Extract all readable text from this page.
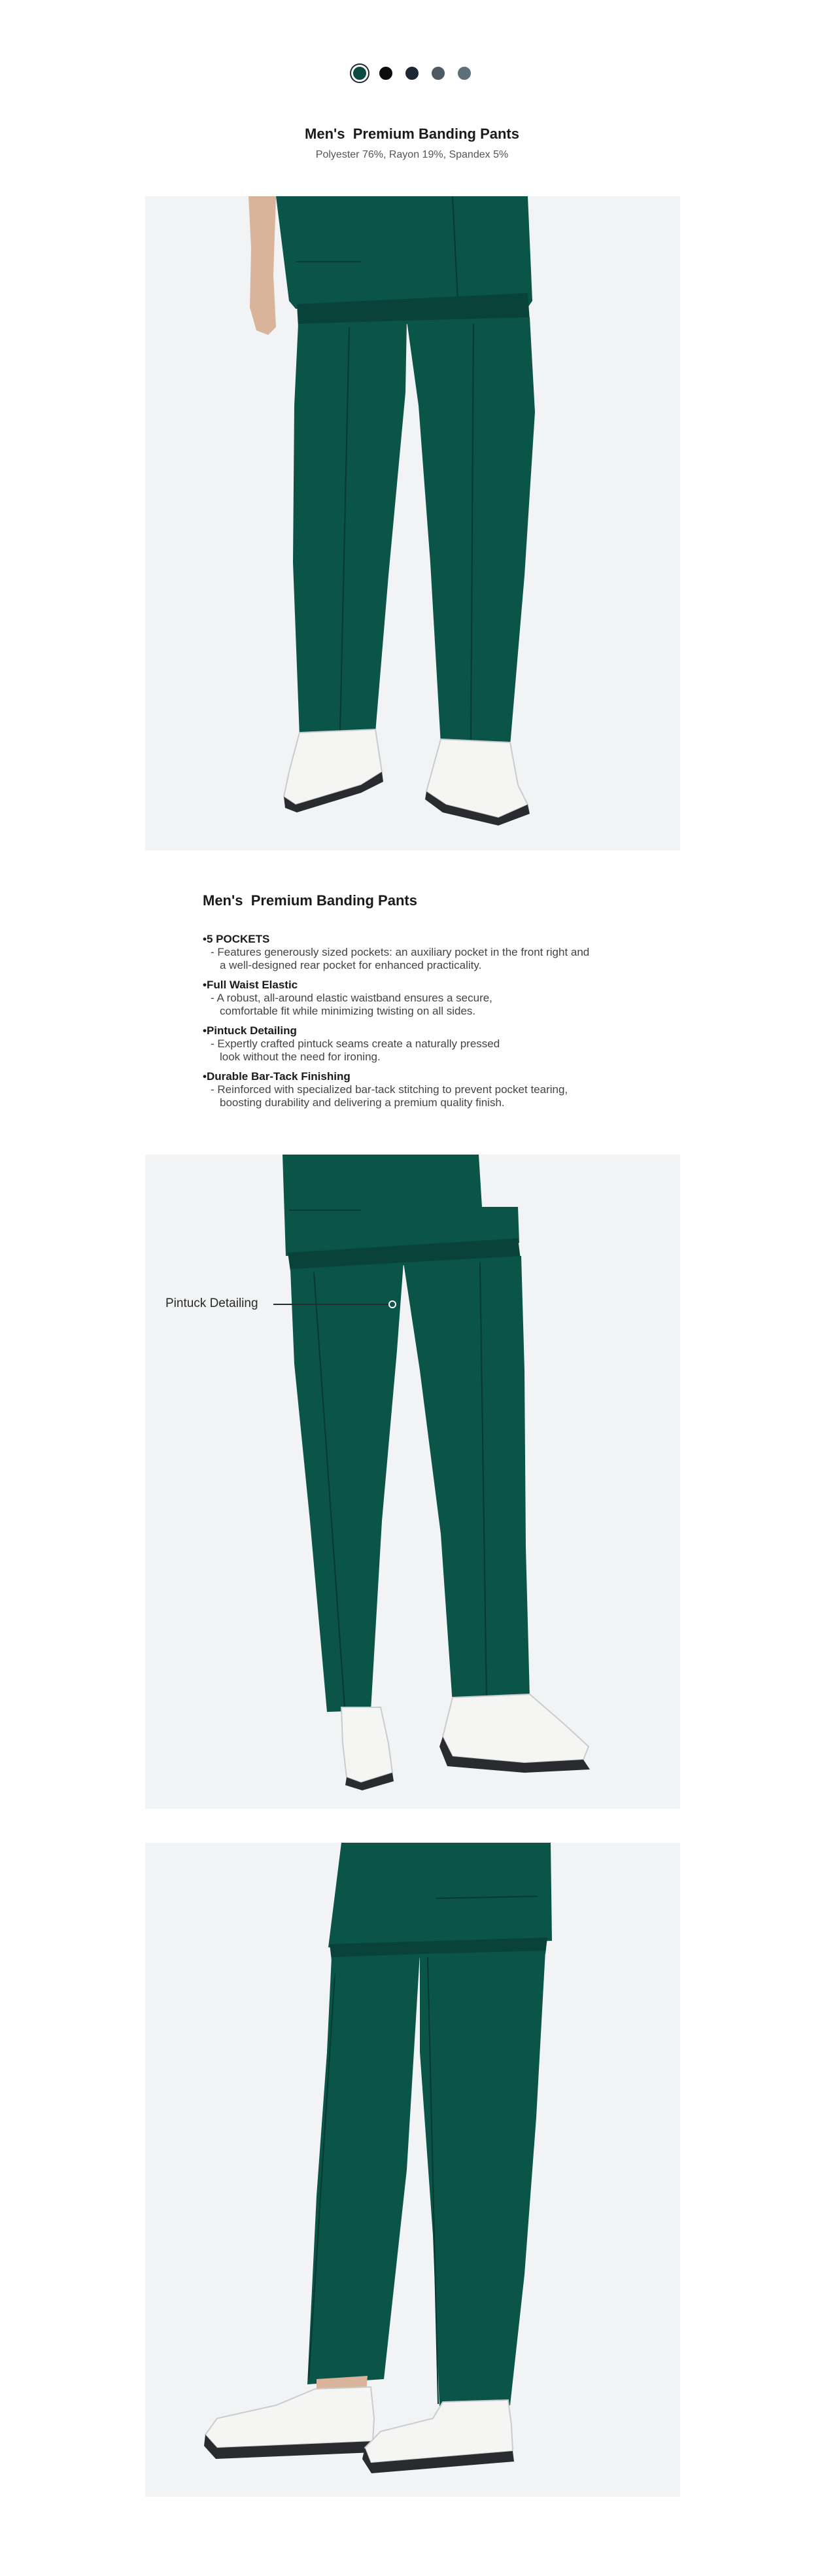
Men's  Premium Banding Pants
Polyester 76%, Rayon 19%, Spandex 5%
Men's  Premium Banding Pants
• 5 POCKETS
- Features generously sized pockets: an auxiliary pocket in the front right and
a well-designed rear pocket for enhanced practicality.
• Full Waist Elastic
- A robust, all-around elastic waistband ensures a secure,
comfortable fit while minimizing twisting on all sides.
• Pintuck Detailing
- Expertly crafted pintuck seams create a naturally pressed
look without the need for ironing.
• Durable Bar-Tack Finishing
- Reinforced with specialized bar-tack stitching to prevent pocket tearing,
boosting durability and delivering a premium quality finish.
Pintuck Detailing
